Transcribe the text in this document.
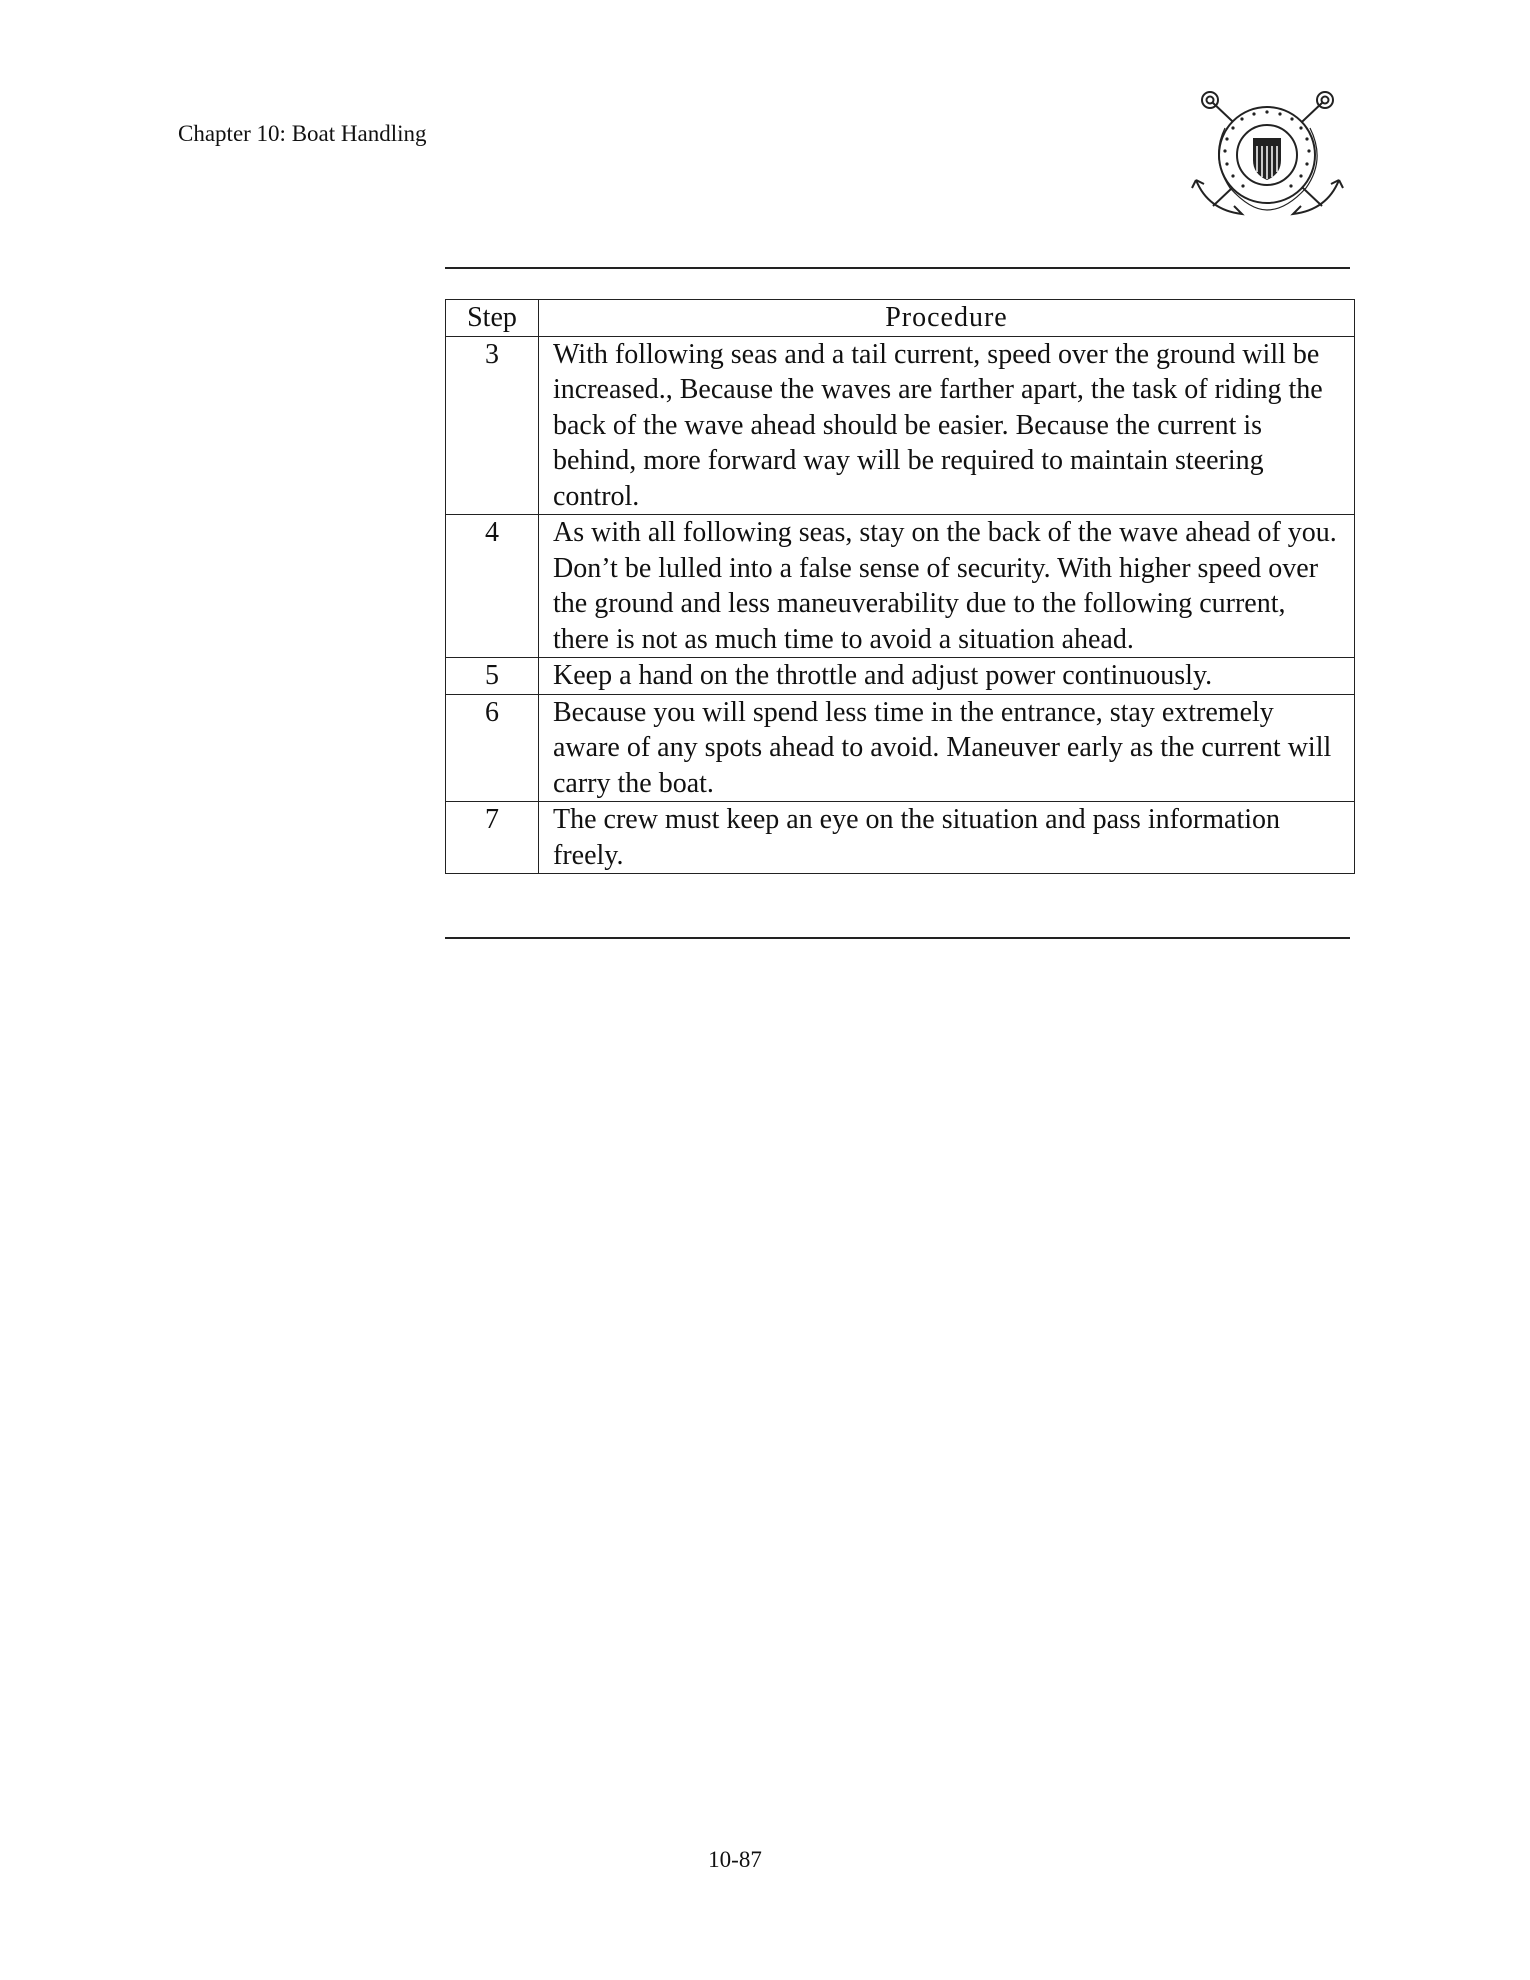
Chapter 10: Boat Handling
Step	Procedure
3	With following seas and a tail current, speed over the ground will be increased., Because the waves are farther apart, the task of riding the back of the wave ahead should be easier. Because the current is behind, more forward way will be required to maintain steering control.
4	As with all following seas, stay on the back of the wave ahead of you. Don’t be lulled into a false sense of security. With higher speed over the ground and less maneuverability due to the following current, there is not as much time to avoid a situation ahead.
5	Keep a hand on the throttle and adjust power continuously.
6	Because you will spend less time in the entrance, stay extremely aware of any spots ahead to avoid. Maneuver early as the current will carry the boat.
7	The crew must keep an eye on the situation and pass information freely.
10-87
